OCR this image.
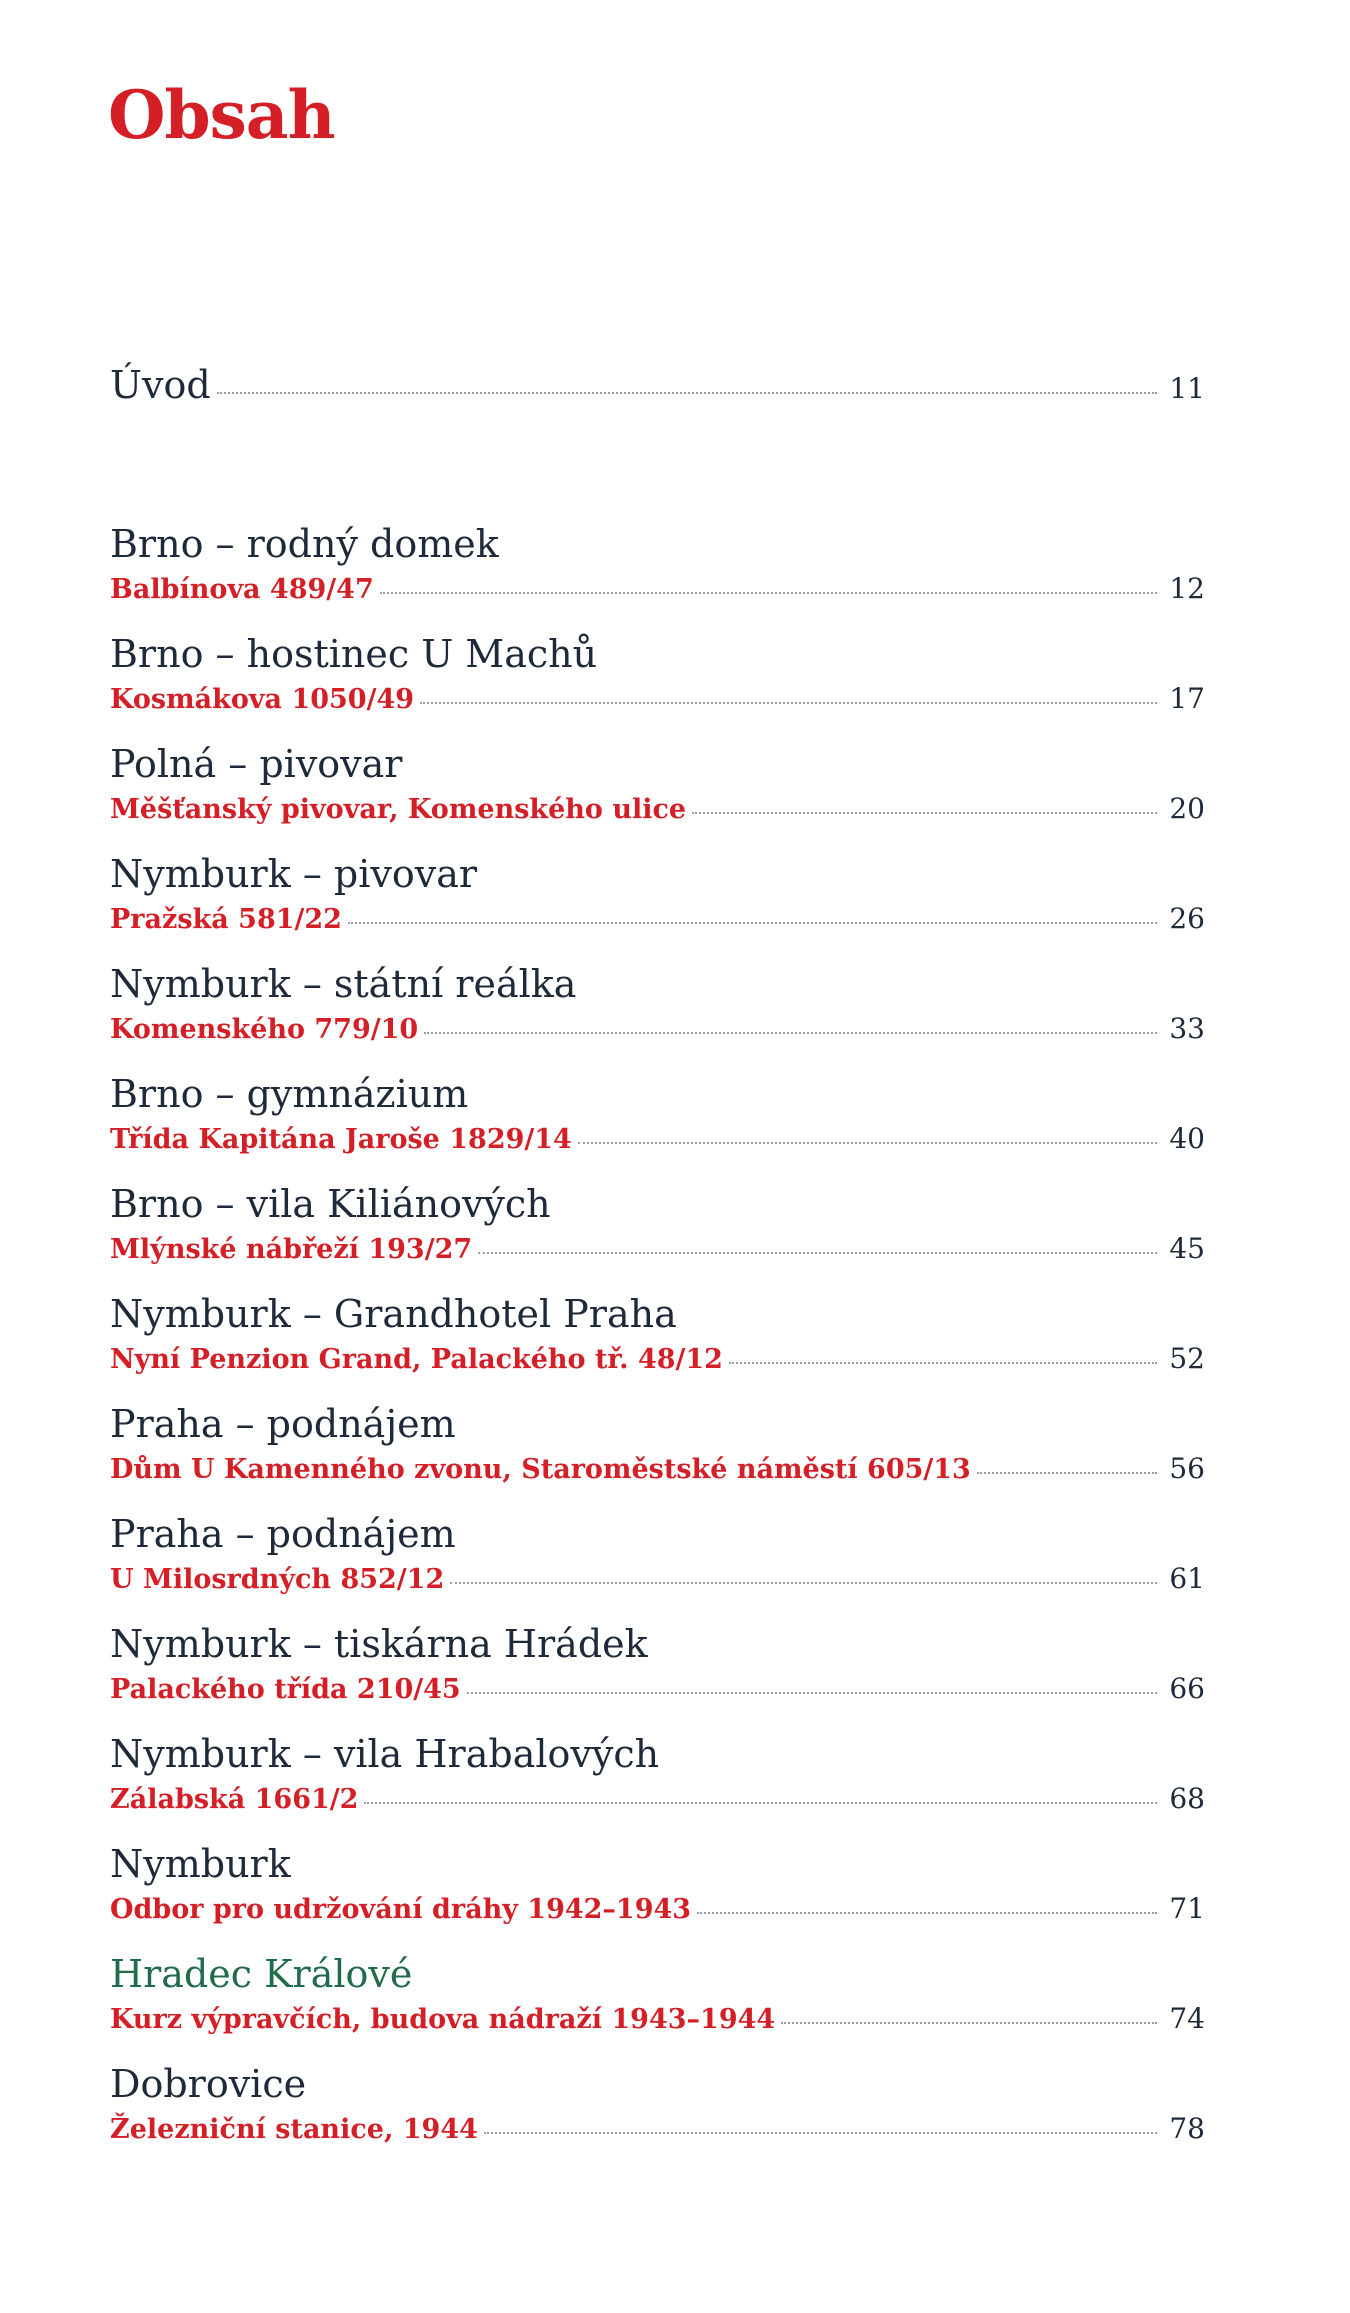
Obsah
Úvod	11
Brno – rodný domek
Balbínova 489/47	12
Brno – hostinec U Machů
Kosmákova 1050/49	17
Polná – pivovar
Měšťanský pivovar, Komenského ulice	20
Nymburk – pivovar
Pražská 581/22	26
Nymburk – státní reálka
Komenského 779/10	33
Brno – gymnázium
Třída Kapitána Jaroše 1829/14	40
Brno – vila Kiliánových
Mlýnské nábřeží 193/27	45
Nymburk – Grandhotel Praha
Nyní Penzion Grand, Palackého tř. 48/12	52
Praha – podnájem
Dům U Kamenného zvonu, Staroměstské náměstí 605/13	56
Praha – podnájem
U Milosrdných 852/12	61
Nymburk – tiskárna Hrádek
Palackého třída 210/45	66
Nymburk – vila Hrabalových
Zálabská 1661/2	68
Nymburk
Odbor pro udržování dráhy 1942–1943	71
Hradec Králové
Kurz výpravčích, budova nádraží 1943–1944	74
Dobrovice
Železniční stanice, 1944	78
